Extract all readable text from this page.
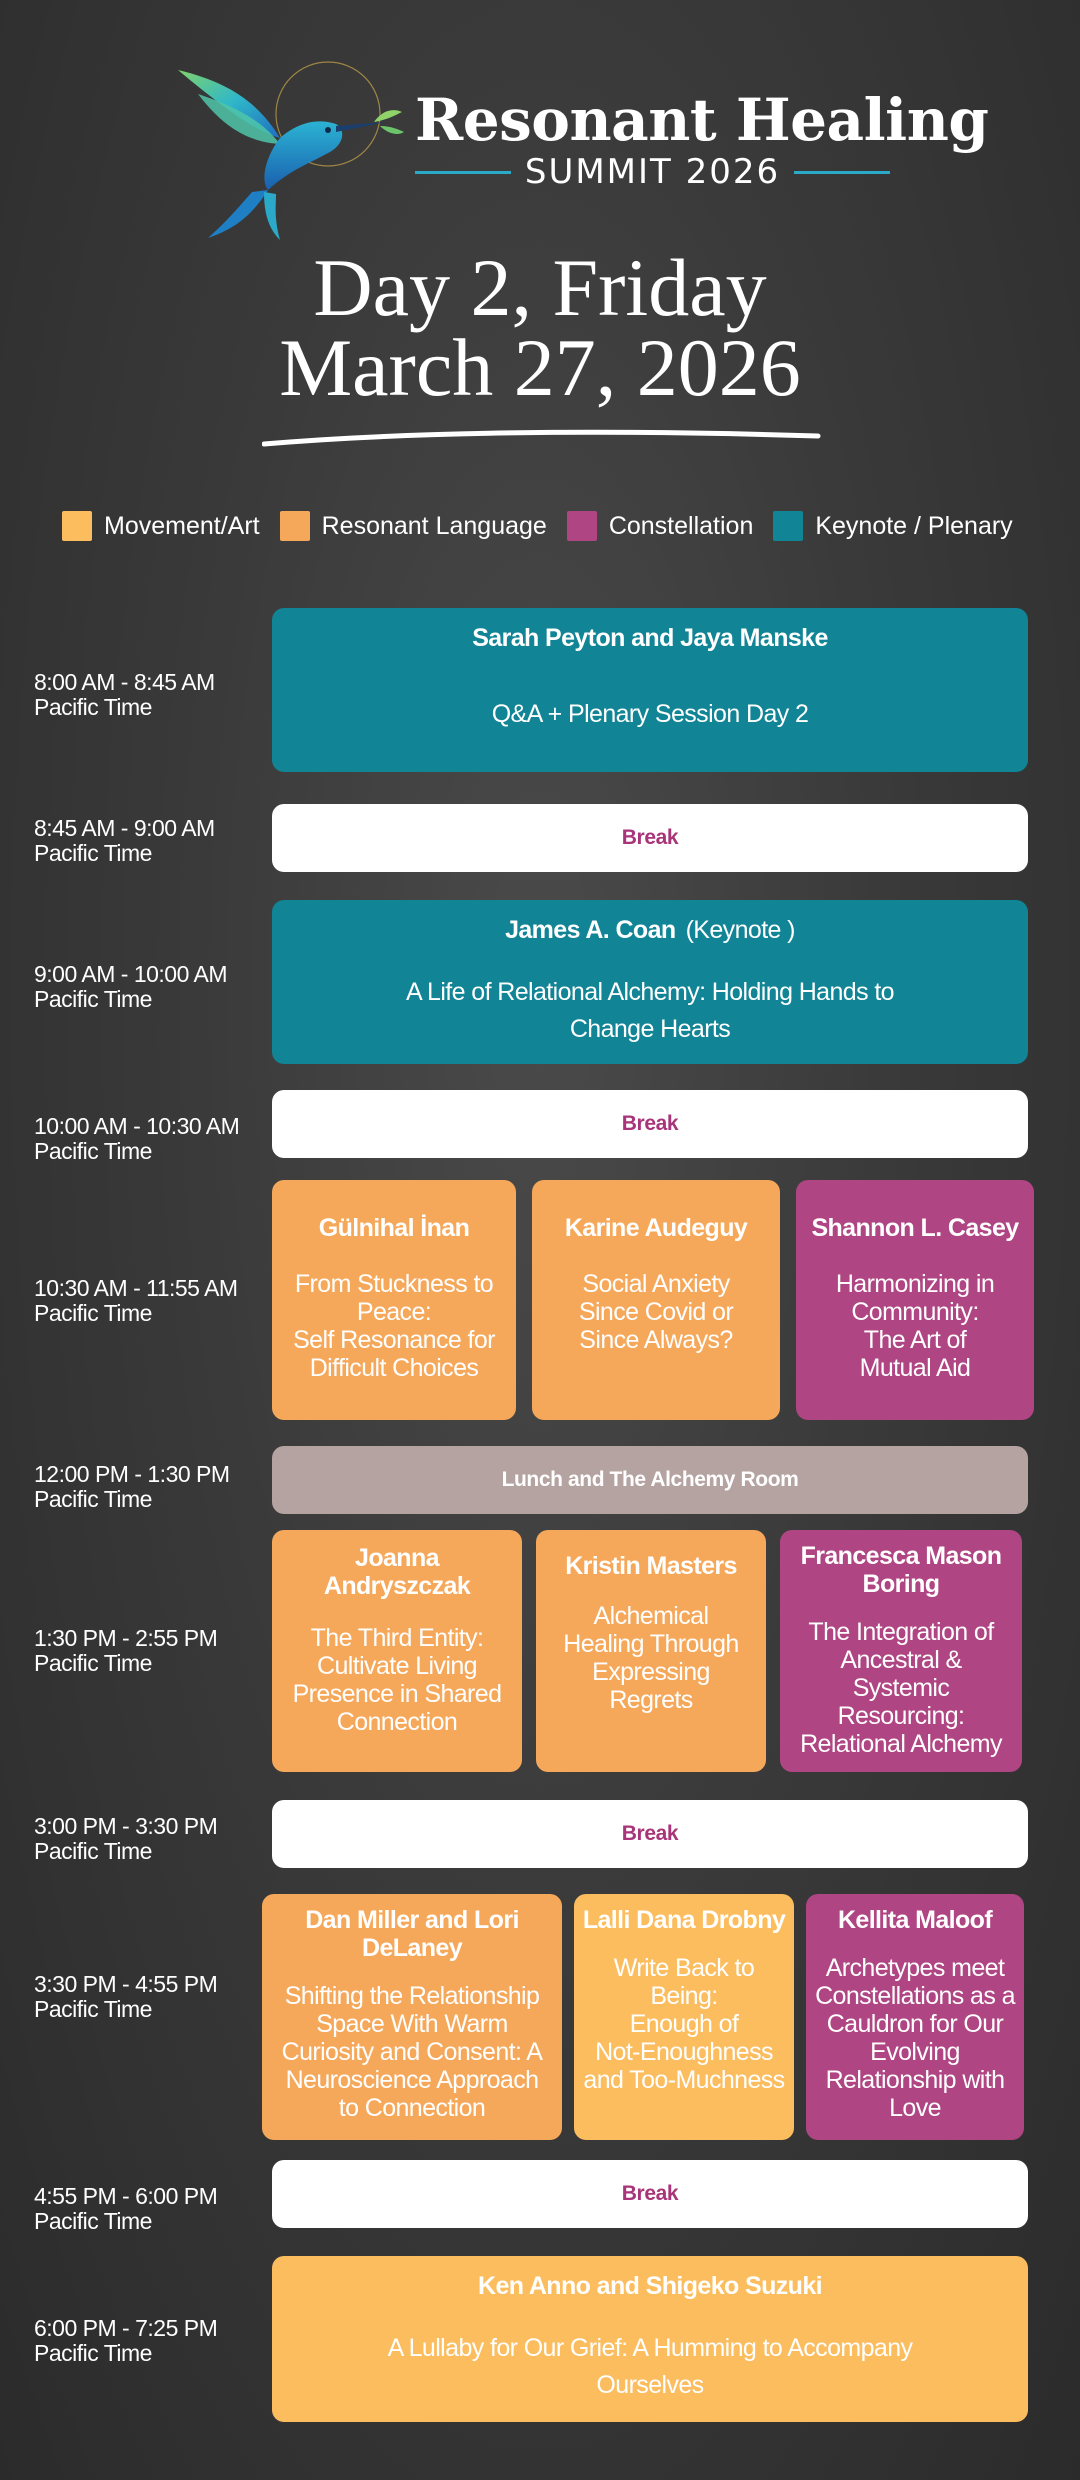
Resonant Healing
SUMMIT 2026
Day 2, Friday
March 27, 2026
Movement/Art Resonant Language Constellation Keynote / Plenary
8:00 AM - 8:45 AM
Pacific Time
Sarah Peyton and Jaya Manske
Q&A + Plenary Session Day 2
8:45 AM - 9:00 AM
Pacific Time
Break
9:00 AM - 10:00 AM
Pacific Time
James A. Coan (Keynote )
A Life of Relational Alchemy: Holding Hands to
Change Hearts
10:00 AM - 10:30 AM
Pacific Time
Break
10:30 AM - 11:55 AM
Pacific Time
Gülnihal İnan
From Stuckness to
Peace:
Self Resonance for
Difficult Choices
Karine Audeguy
Social Anxiety
Since Covid or
Since Always?
Shannon L. Casey
Harmonizing in
Community:
The Art of
Mutual Aid
12:00 PM - 1:30 PM
Pacific Time
Lunch and The Alchemy Room
1:30 PM - 2:55 PM
Pacific Time
Joanna
Andryszczak
The Third Entity:
Cultivate Living
Presence in Shared
Connection
Kristin Masters
Alchemical
Healing Through
Expressing
Regrets
Francesca Mason
Boring
The Integration of
Ancestral &
Systemic
Resourcing:
Relational Alchemy
3:00 PM - 3:30 PM
Pacific Time
Break
3:30 PM - 4:55 PM
Pacific Time
Dan Miller and Lori
DeLaney
Shifting the Relationship
Space With Warm
Curiosity and Consent: A
Neuroscience Approach
to Connection
Lalli Dana Drobny
Write Back to
Being:
Enough of
Not-Enoughness
and Too-Muchness
Kellita Maloof
Archetypes meet
Constellations as a
Cauldron for Our
Evolving
Relationship with
Love
4:55 PM - 6:00 PM
Pacific Time
Break
6:00 PM - 7:25 PM
Pacific Time
Ken Anno and Shigeko Suzuki
A Lullaby for Our Grief: A Humming to Accompany
Ourselves
